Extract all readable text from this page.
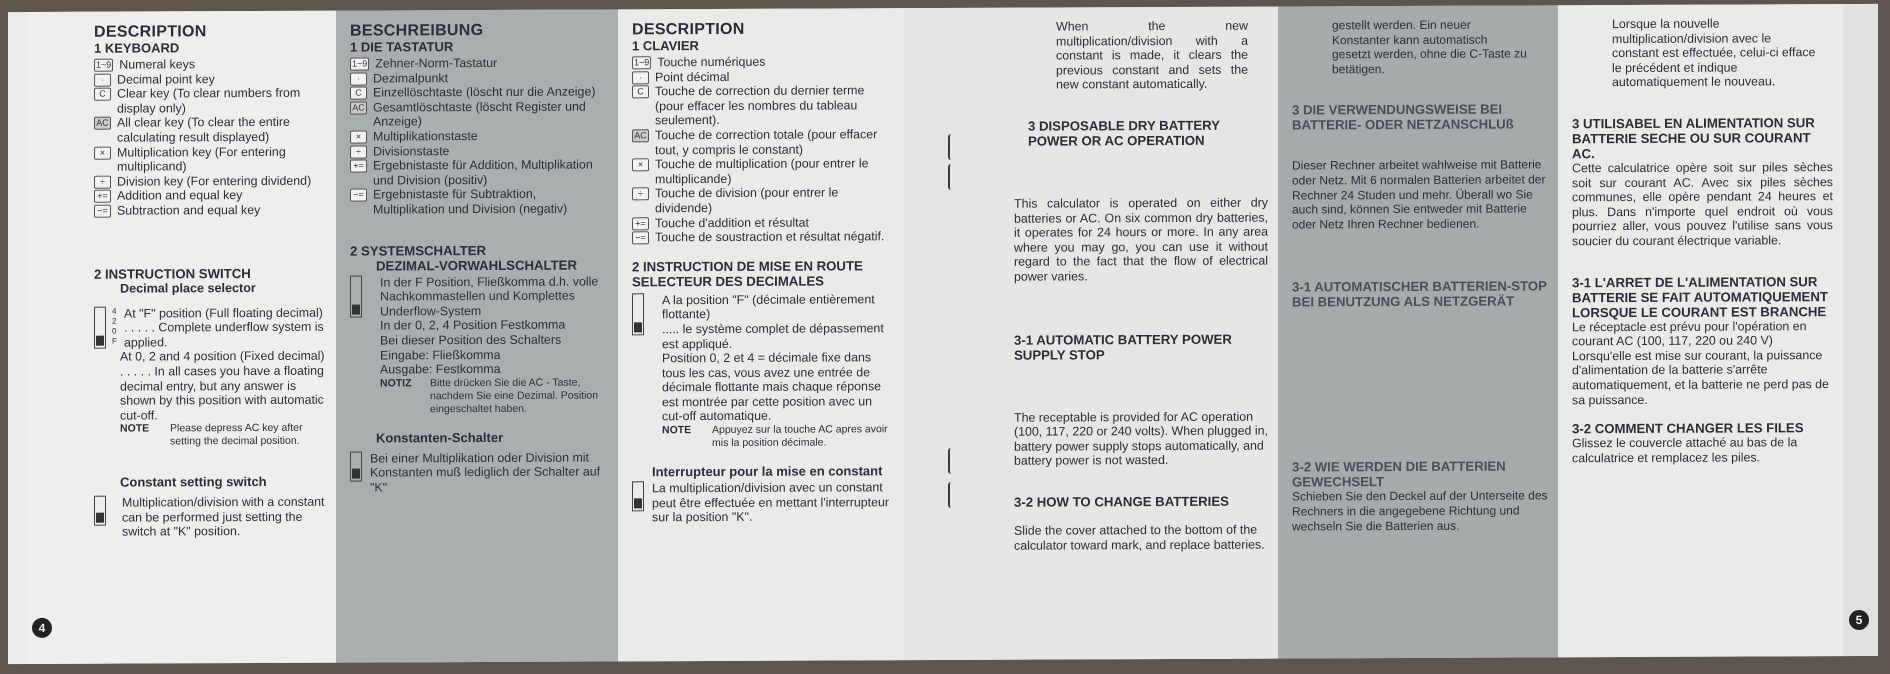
DESCRIPTION
1 KEYBOARD
1~9 Numeral keys
·	Decimal point key
C Clear key (To clear numbers from display only)
AC All clear key (To clear the entire calculating result displayed)
× Multiplication key (For entering multiplicand)
÷ Division key (For entering dividend)
+= Addition and equal key
−= Subtraction and equal key
2 INSTRUCTION SWITCH
Decimal place selector
4 2 0 F
At "F" position (Full floating decimal)
. . . . . Complete underflow system is applied.
At 0, 2 and 4 position (Fixed decimal)
. . . . . In all cases you have a floating decimal entry, but any answer is shown by this position with automatic cut-off.
NOTE	Please depress AC key after setting the decimal position.
Constant setting switch
Multiplication/division with a constant can be performed just setting the switch at "K" position.
4
BESCHREIBUNG
1 DIE TASTATUR
1~9 Zehner-Norm-Tastatur
·	Dezimalpunkt
C Einzellöschtaste (löscht nur die Anzeige)
AC Gesamtlöschtaste (löscht Register und Anzeige)
× Multiplikationstaste
÷ Divisionstaste
+= Ergebnistaste für Addition, Multiplikation und Division (positiv)
−= Ergebnistaste für Subtraktion, Multiplikation und Division (negativ)
2 SYSTEMSCHALTER
DEZIMAL-VORWAHLSCHALTER
In der F Position, Fließkomma d.h. volle Nachkommastellen und Komplettes Underflow-System
In der 0, 2, 4 Position Festkomma
Bei dieser Position des Schalters
Eingabe: Fließkomma
Ausgabe: Festkomma
NOTIZ	Bitte drücken Sie die AC - Taste, nachdem Sie eine Dezimal. Position eingeschaltet haben.
Konstanten-Schalter
Bei einer Multiplikation oder Division mit Konstanten muß lediglich der Schalter auf "K"
DESCRIPTION
1 CLAVIER
1~9 Touche numériques
·	Point décimal
C Touche de correction du dernier terme (pour effacer les nombres du tableau seulement).
AC Touche de correction totale (pour effacer tout, y compris le constant)
× Touche de multiplication (pour entrer le multiplicande)
÷ Touche de division (pour entrer le dividende)
+= Touche d'addition et résultat
−= Touche de soustraction et résultat négatif.
2 INSTRUCTION DE MISE EN ROUTE SELECTEUR DES DECIMALES
A la position "F" (décimale entièrement flottante)
..... le système complet de dépassement est appliqué.
Position 0, 2 et 4 = décimale fixe dans tous les cas, vous avez une entrée de décimale flottante mais chaque réponse est montrée par cette position avec un cut-off automatique.
NOTE	Appuyez sur la touche AC apres avoir mis la position décimale.
Interrupteur pour la mise en constant
La multiplication/division avec un constant peut être effectuée en mettant l'interrupteur sur la position "K".
When the new multiplication/division with a constant is made, it clears the previous constant and sets the new constant automatically.
3 DISPOSABLE DRY BATTERY POWER OR AC OPERATION
This calculator is operated on either dry batteries or AC. On six common dry batteries, it operates for 24 hours or more. In any area where you may go, you can use it without regard to the fact that the flow of electrical power varies.
3-1 AUTOMATIC BATTERY POWER SUPPLY STOP
The receptable is provided for AC operation (100, 117, 220 or 240 volts). When plugged in, battery power supply stops automatically, and battery power is not wasted.
3-2 HOW TO CHANGE BATTERIES
Slide the cover attached to the bottom of the calculator toward mark, and replace batteries.
gestellt werden. Ein neuer Konstanter kann automatisch gesetzt werden, ohne die C-Taste zu betätigen.
3 DIE VERWENDUNGSWEISE BEI BATTERIE- ODER NETZANSCHLUß
Dieser Rechner arbeitet wahlweise mit Batterie oder Netz. Mit 6 normalen Batterien arbeitet der Rechner 24 Studen und mehr. Überall wo Sie auch sind, können Sie entweder mit Batterie oder Netz Ihren Rechner bedienen.
3-1 AUTOMATISCHER BATTERIEN-STOP BEI BENUTZUNG ALS NETZGERÄT
3-2 WIE WERDEN DIE BATTERIEN GEWECHSELT
Schieben Sie den Deckel auf der Unterseite des Rechners in die angegebene Richtung und wechseln Sie die Batterien aus.
Lorsque la nouvelle multiplication/division avec le constant est effectuée, celui-ci efface le précédent et indique automatiquement le nouveau.
3 UTILISABEL EN ALIMENTATION SUR BATTERIE SECHE OU SUR COURANT AC.
Cette calculatrice opère soit sur piles sèches soit sur courant AC. Avec six piles sèches communes, elle opère pendant 24 heures et plus. Dans n'importe quel endroit où vous pourriez aller, vous pouvez l'utilise sans vous soucier du courant électrique variable.
3-1 L'ARRET DE L'ALIMENTATION SUR BATTERIE SE FAIT AUTOMATIQUEMENT LORSQUE LE COURANT EST BRANCHE
Le réceptacle est prévu pour l'opération en courant AC (100, 117, 220 ou 240 V) Lorsqu'elle est mise sur courant, la puissance d'alimentation de la batterie s'arrête automatiquement, et la batterie ne perd pas de sa puissance.
3-2 COMMENT CHANGER LES FILES
Glissez le couvercle attaché au bas de la calculatrice et remplacez les piles.
5
